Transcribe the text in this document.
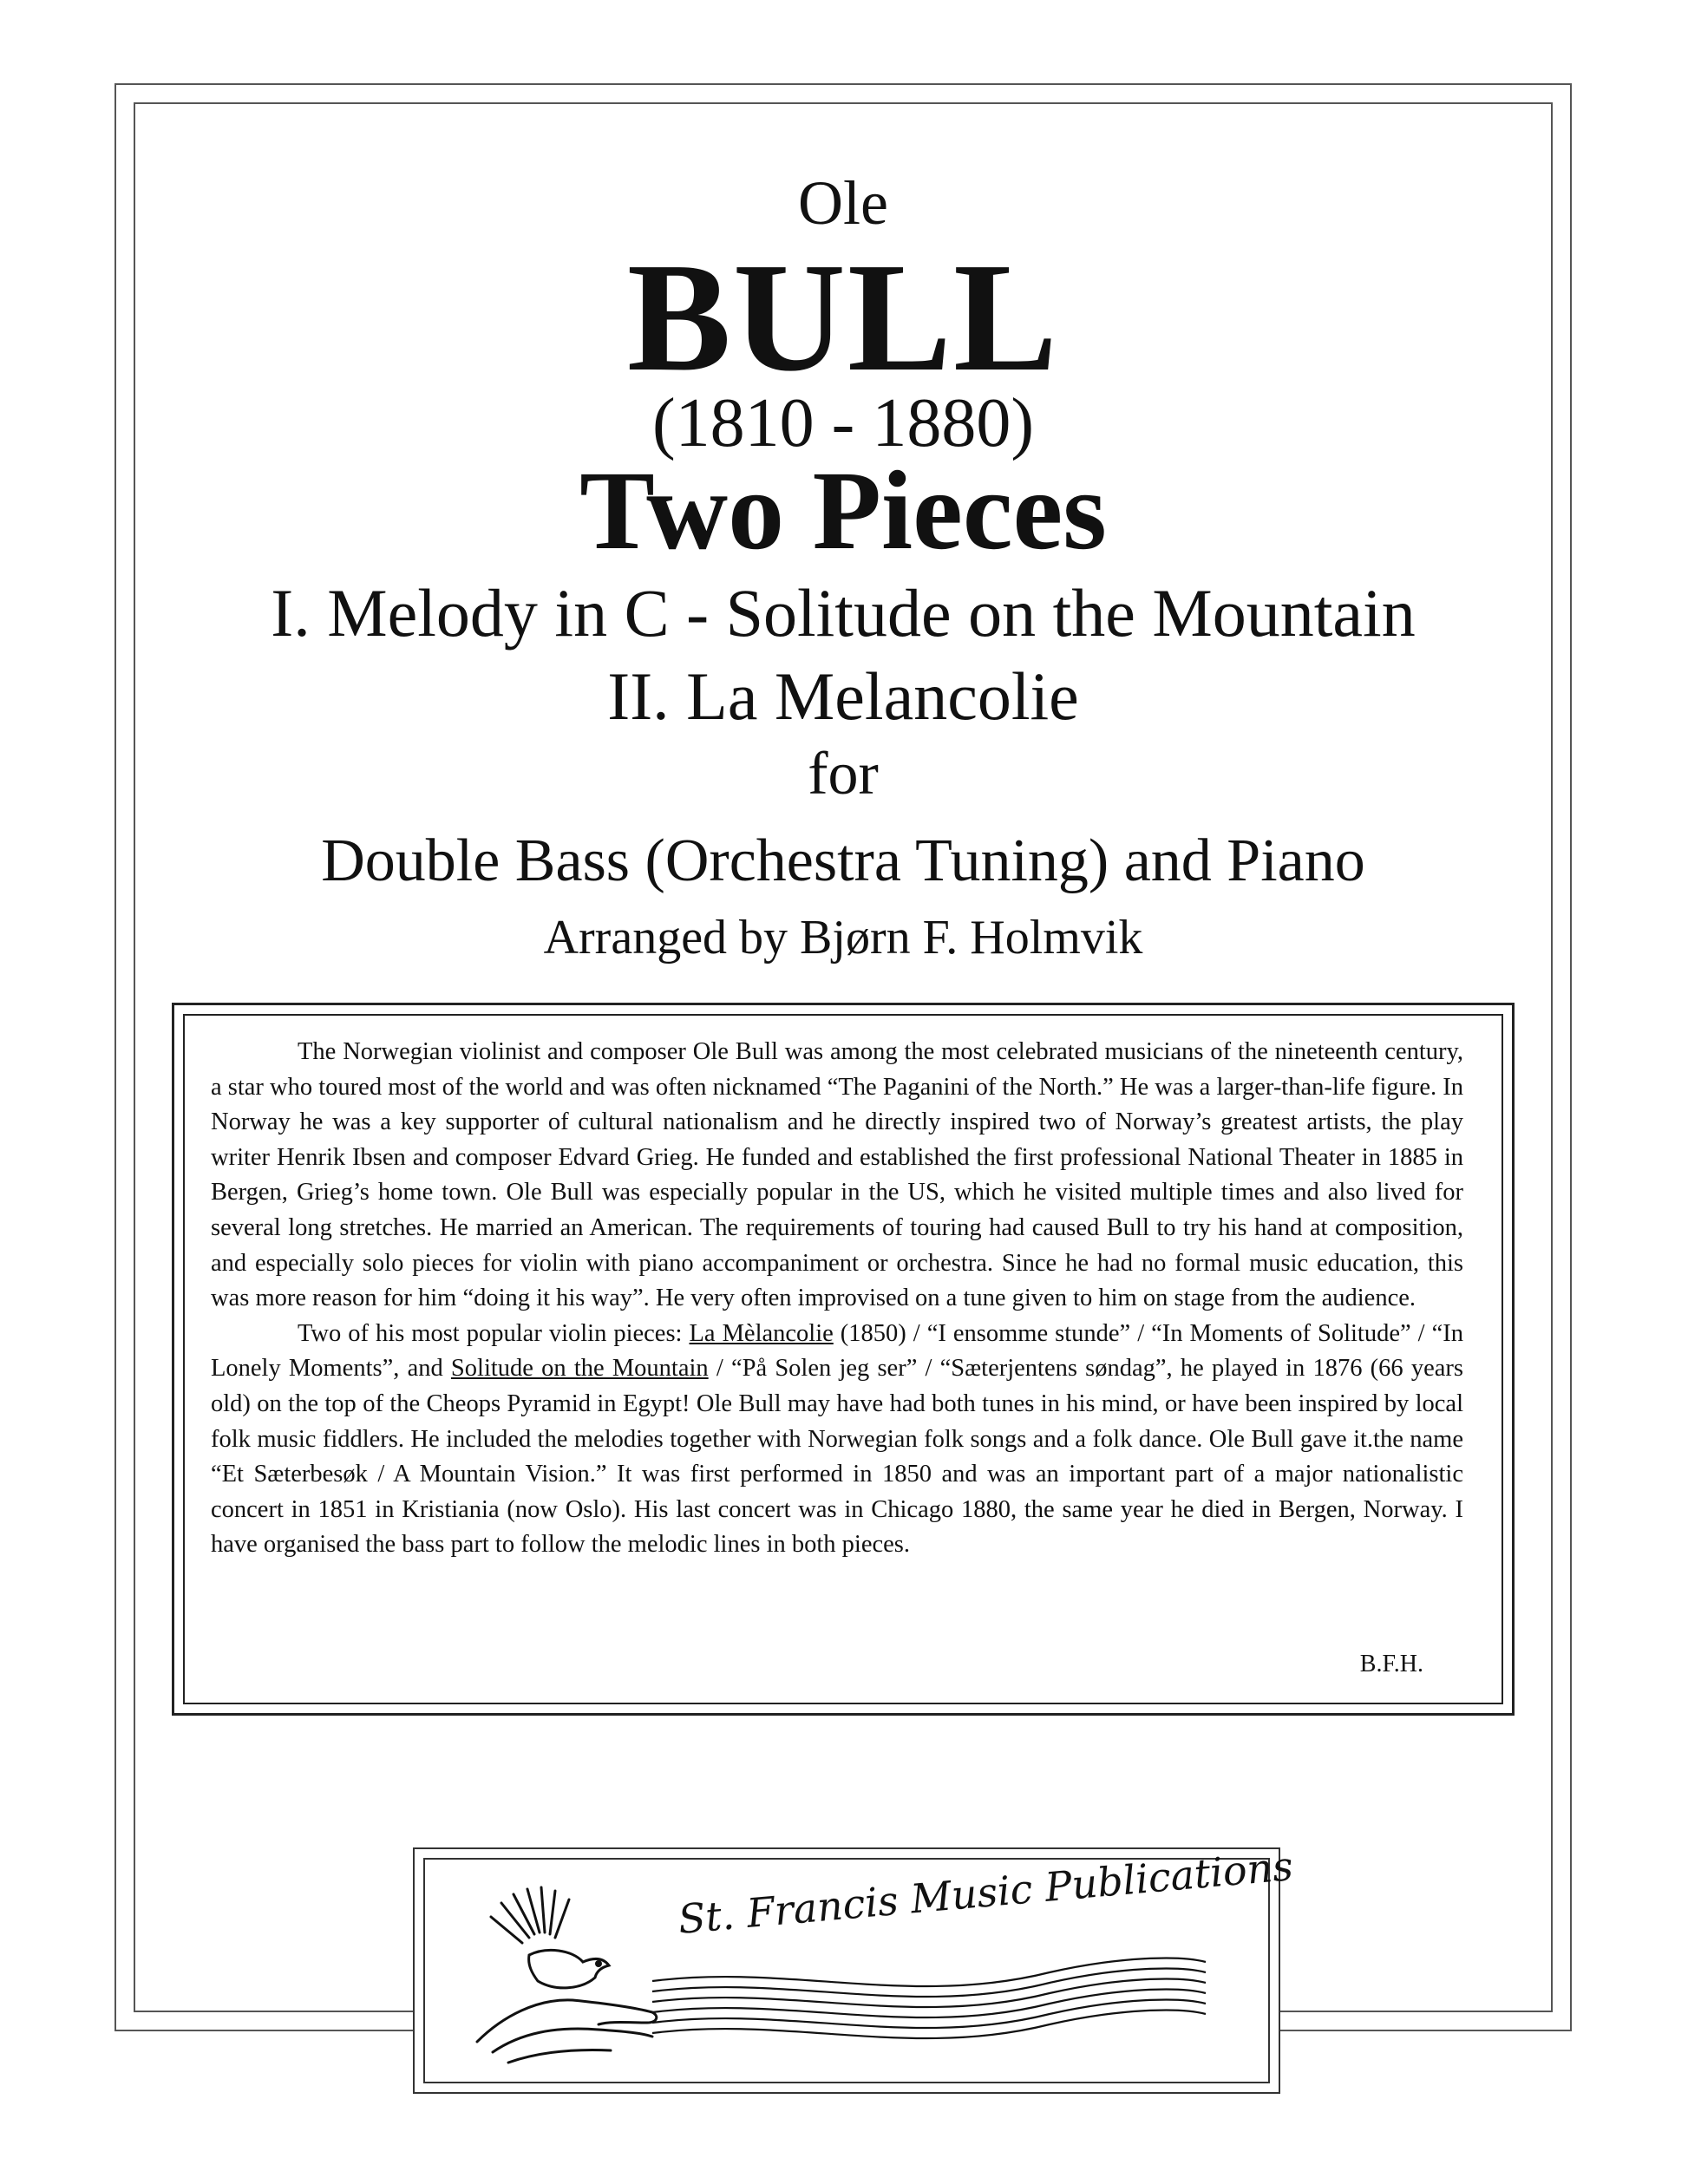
Ole
BULL
(1810 - 1880)
Two Pieces
I. Melody in C - Solitude on the Mountain
II. La Melancolie
for
Double Bass (Orchestra Tuning) and Piano
Arranged by Bjørn F. Holmvik

The Norwegian violinist and composer Ole Bull was among the most celebrated musicians of the nineteenth century, a star who toured most of the world and was often nicknamed “The Paganini of the North.” He was a larger-than-life figure. In Norway he was a key supporter of cultural nationalism and he directly inspired two of Norway’s greatest artists, the play writer Henrik Ibsen and composer Edvard Grieg. He funded and established the first professional National Theater in 1885 in Bergen, Grieg’s home town. Ole Bull was especially popular in the US, which he visited multiple times and also lived for several long stretches. He married an American. The requirements of touring had caused Bull to try his hand at composition, and especially solo pieces for violin with piano accompaniment or orchestra. Since he had no formal music education, this was more reason for him “doing it his way”. He very often improvised on a tune given to him on stage from the audience.

Two of his most popular violin pieces: La Mèlancolie (1850) / “I ensomme stunde” / “In Moments of Solitude” / “In Lonely Moments”, and Solitude on the Mountain / “På Solen jeg ser” / “Sæterjentens søndag”, he played in 1876 (66 years old) on the top of the Cheops Pyramid in Egypt! Ole Bull may have had both tunes in his mind, or have been inspired by local folk music fiddlers. He included the melodies together with Norwegian folk songs and a folk dance. Ole Bull gave it.the name “Et Sæterbesøk / A Mountain Vision.” It was first performed in 1850 and was an important part of a major nationalistic concert in 1851 in Kristiania (now Oslo). His last concert was in Chicago 1880, the same year he died in Bergen, Norway. I have organised the bass part to follow the melodic lines in both pieces.

B.F.H.
St. Francis Music Publications
